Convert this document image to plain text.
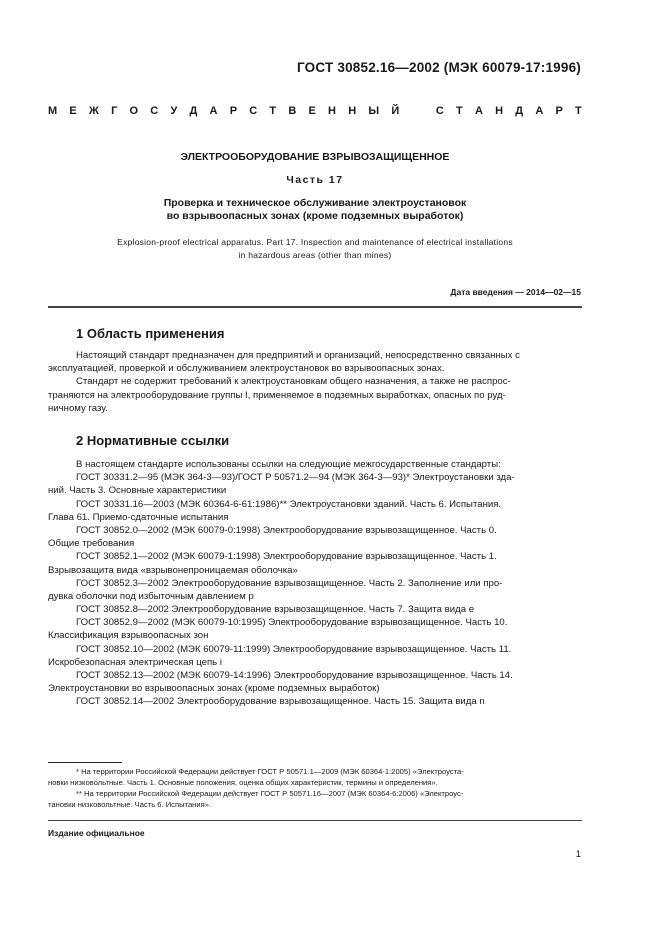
ГОСТ 30852.16—2002 (МЭК 60079-17:1996)
М Е Ж Г О С У Д А Р С Т В Е Н Н Ы Й	С Т А Н Д А Р Т
ЭЛЕКТРООБОРУДОВАНИЕ ВЗРЫВОЗАЩИЩЕННОЕ
Часть 17
Проверка и техническое обслуживание электроустановок
во взрывоопасных зонах (кроме подземных выработок)
Explosion-proof electrical apparatus. Part 17. Inspection and maintenance of electrical installations
in hazardous areas (other than mines)
Дата введения — 2014—02—15
1 Область применения
Настоящий стандарт предназначен для предприятий и организаций, непосредственно связанных с
эксплуатацией, проверкой и обслуживанием электроустановок во взрывоопасных зонах.
Стандарт не содержит требований к электроустановкам общего назначения, а также не распрос-
траняются на электрооборудование группы I, применяемое в подземных выработках, опасных по руд-
ничному газу.
2 Нормативные ссылки
В настоящем стандарте использованы ссылки на следующие межгосударственные стандарты:
ГОСТ 30331.2—95 (МЭК 364-3—93)/ГОСТ Р 50571.2—94 (МЭК 364-3—93)* Электроустановки зда-
ний. Часть 3. Основные характеристики
ГОСТ 30331.16—2003 (МЭК 60364-6-61:1986)** Электроустановки зданий. Часть 6. Испытания.
Глава 61. Приемо-сдаточные испытания
ГОСТ 30852.0—2002 (МЭК 60079-0:1998) Электрооборудование взрывозащищенное. Часть 0.
Общие требования
ГОСТ 30852.1—2002 (МЭК 60079-1:1998) Электрооборудование взрывозащищенное. Часть 1.
Взрывозащита вида «взрывонепроницаемая оболочка»
ГОСТ 30852.3—2002 Электрооборудование взрывозащищенное. Часть 2. Заполнение или про-
дувка оболочки под избыточным давлением р
ГОСТ 30852.8—2002 Электрооборудование взрывозащищенное. Часть 7. Защита вида е
ГОСТ 30852.9—2002 (МЭК 60079-10:1995) Электрооборудование взрывозащищенное. Часть 10.
Классификация взрывоопасных зон
ГОСТ 30852.10—2002 (МЭК 60079-11:1999) Электрооборудование взрывозащищенное. Часть 11.
Искробезопасная электрическая цепь i
ГОСТ 30852.13—2002 (МЭК 60079-14:1996) Электрооборудование взрывозащищенное. Часть 14.
Электроустановки во взрывоопасных зонах (кроме подземных выработок)
ГОСТ 30852.14—2002 Электрооборудование взрывозащищенное. Часть 15. Защита вида n
* На территории Российской Федерации действует ГОСТ Р 50571.1—2009 (МЭК 60364-1:2005) «Электроуста-
новки низковольтные. Часть 1. Основные положения, оценка общих характеристик, термины и определения».
** На территории Российской Федерации действует ГОСТ Р 50571.16—2007 (МЭК 60364-6:2006) «Электроус-
тановки низковольтные. Часть 6. Испытания».
Издание официальное
1
